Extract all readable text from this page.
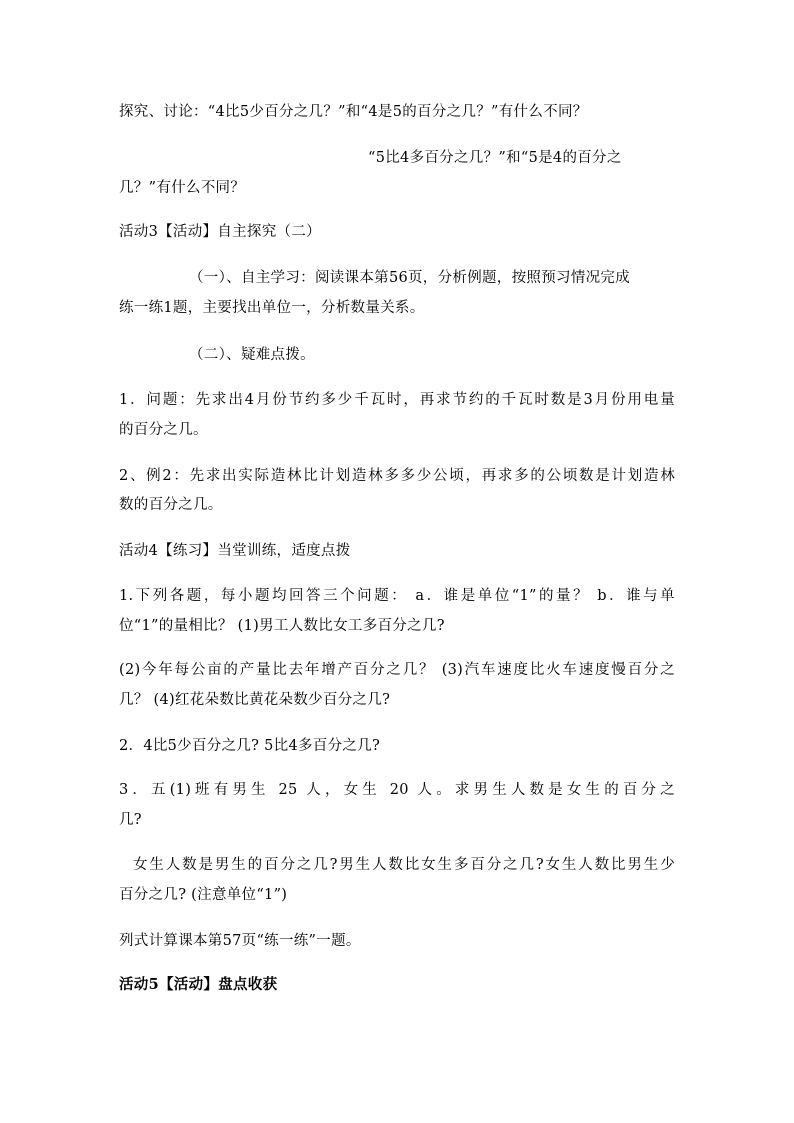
探究、讨论：“4比5少百分之几？”和“4是5的百分之几？”有什么不同？
“5比4多百分之几？”和“5是4的百分之
几？”有什么不同？
活动3【活动】自主探究（二）
（一）、自主学习：阅读课本第56页，分析例题，按照预习情况完成
练一练1题，主要找出单位一，分析数量关系。
（二）、疑难点拨。
1．问题：先求出4月份节约多少千瓦时，再求节约的千瓦时数是3月份用电量
的百分之几。
2、例2：先求出实际造林比计划造林多多少公顷，再求多的公顷数是计划造林
数的百分之几。
活动4【练习】当堂训练，适度点拨
1.下列各题，每小题均回答三个问题： a．谁是单位“1”的量？ b．谁与单
位“1”的量相比？ (1)男工人数比女工多百分之几?
(2)今年每公亩的产量比去年增产百分之几？ (3)汽车速度比火车速度慢百分之
几？ (4)红花朵数比黄花朵数少百分之几?
2．4比5少百分之几? 5比4多百分之几?
3．五(1)班有男生 25 人，女生 20 人。求男生人数是女生的百分之
几?
女生人数是男生的百分之几?男生人数比女生多百分之几?女生人数比男生少
百分之几? (注意单位“1”)
列式计算课本第57页“练一练”一题。
活动5【活动】盘点收获
